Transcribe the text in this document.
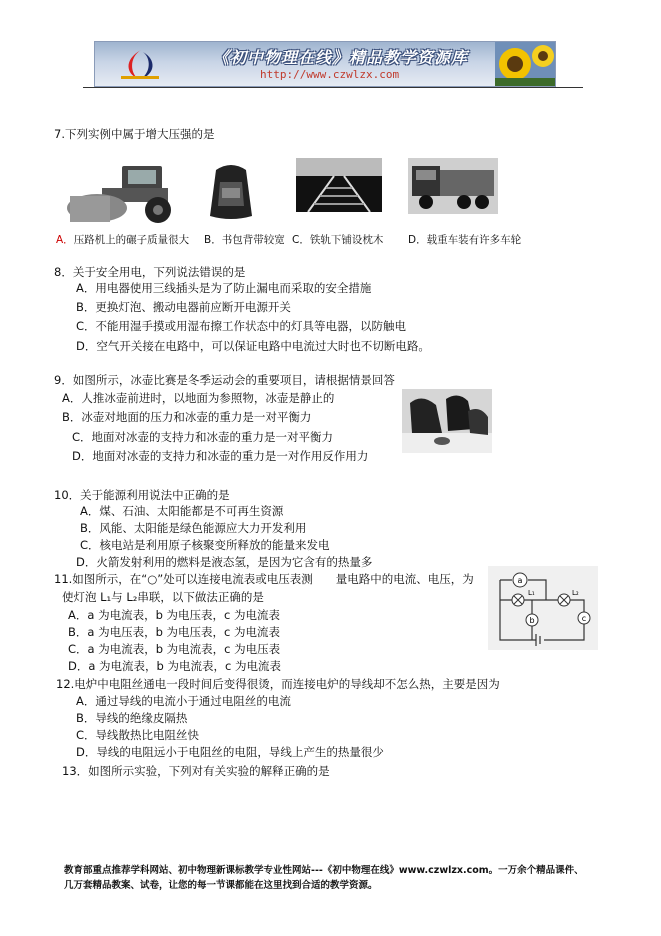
《初中物理在线》精品教学资源库
http://www.czwlzx.com
7.下列实例中属于增大压强的是
A．压路机上的碾子质量很大 B．书包背带较宽 C．铁轨下铺设枕木 D．载重车装有许多车轮
8．关于安全用电，下列说法错误的是
A．用电器使用三线插头是为了防止漏电而采取的安全措施
B．更换灯泡、搬动电器前应断开电源开关
C．不能用湿手摸或用湿布擦工作状态中的灯具等电器，以防触电
D．空气开关接在电路中，可以保证电路中电流过大时也不切断电路。
9．如图所示，冰壶比赛是冬季运动会的重要项目，请根据情景回答
A．人推冰壶前进时，以地面为参照物，冰壶是静止的
B．冰壶对地面的压力和冰壶的重力是一对平衡力
C．地面对冰壶的支持力和冰壶的重力是一对平衡力
D．地面对冰壶的支持力和冰壶的重力是一对作用反作用力
10．关于能源利用说法中正确的是
A．煤、石油、太阳能都是不可再生资源
B．风能、太阳能是绿色能源应大力开发利用
C．核电站是利用原子核聚变所释放的能量来发电
D．火箭发射利用的燃料是液态氢，是因为它含有的热量多
11.如图所示，在“○”处可以连接电流表或电压表测　　量电路中的电流、电压，为
使灯泡 L₁与 L₂串联，以下做法正确的是
A．a 为电流表，b 为电压表，c 为电流表
B．a 为电压表，b 为电压表，c 为电流表
C．a 为电流表，b 为电流表，c 为电压表
D．a 为电流表，b 为电流表，c 为电流表
a
b	c
L₁	L₂
12.电炉中电阻丝通电一段时间后变得很烫，而连接电炉的导线却不怎么热，主要是因为
A．通过导线的电流小于通过电阻丝的电流
B．导线的绝缘皮隔热
C．导线散热比电阻丝快
D．导线的电阻远小于电阻丝的电阻，导线上产生的热量很少
13．如图所示实验，下列对有关实验的解释正确的是
教育部重点推荐学科网站、初中物理新课标教学专业性网站---《初中物理在线》www.czwlzx.com。一万余个精品课件、
几万套精品教案、试卷，让您的每一节课都能在这里找到合适的教学资源。
